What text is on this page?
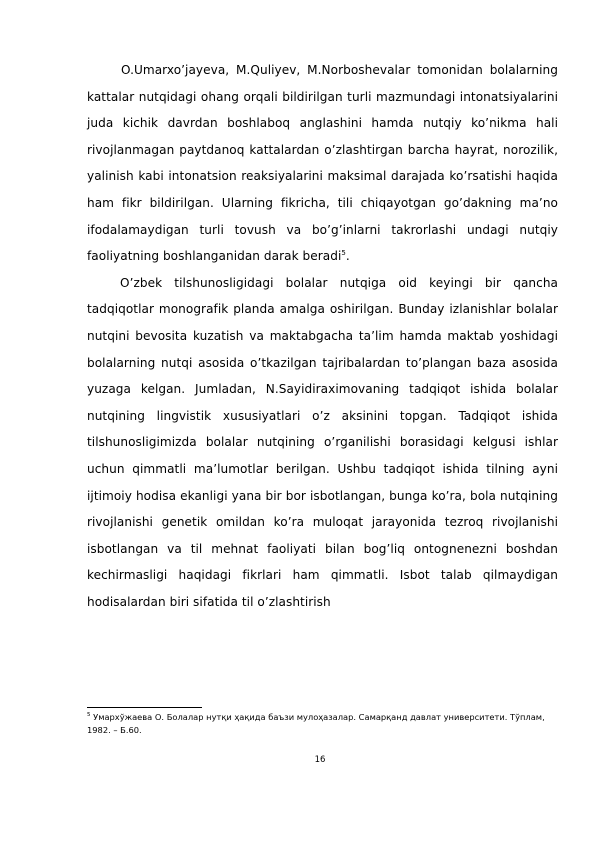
O.Umarxo’jayeva, M.Quliyev, M.Norboshevalar tomonidan bolalarning kattalar nutqidagi ohang orqali bildirilgan turli mazmundagi intonatsiyalarini juda kichik davrdan boshlaboq anglashini hamda nutqiy ko’nikma hali rivojlanmagan paytdanoq kattalardan o’zlashtirgan barcha hayrat, norozilik, yalinish kabi intonatsion reaksiyalarini maksimal darajada ko’rsatishi haqida ham fikr bildirilgan. Ularning fikricha, tili chiqayotgan go’dakning ma’no ifodalamaydigan turli tovush va bo’g’inlarni takrorlashi undagi nutqiy faoliyatning boshlanganidan darak beradi$^5$.

O’zbek tilshunosligidagi bolalar nutqiga oid keyingi bir qancha tadqiqotlar monografik planda amalga oshirilgan. Bunday izlanishlar bolalar nutqini bevosita kuzatish va maktabgacha ta’lim hamda maktab yoshidagi bolalarning nutqi asosida o’tkazilgan tajribalardan to’plangan baza asosida yuzaga kelgan. Jumladan, N.Sayidiraximovaning tadqiqot ishida bolalar nutqining lingvistik xususiyatlari o’z aksinini topgan. Tadqiqot ishida tilshunosligimizda bolalar nutqining o’rganilishi borasidagi kelgusi ishlar uchun qimmatli ma’lumotlar berilgan. Ushbu tadqiqot ishida tilning ayni ijtimoiy hodisa ekanligi yana bir bor isbotlangan, bunga ko’ra, bola nutqining rivojlanishi genetik omildan ko’ra muloqat jarayonida tezroq rivojlanishi isbotlangan va til mehnat faoliyati bilan bog’liq ontognenezni boshdan kechirmasligi haqidagi fikrlari ham qimmatli. Isbot talab qilmaydigan hodisalardan biri sifatida til o’zlashtirish

$^5$ Умархўжаева О. Болалар нутқи ҳақида баъзи мулоҳазалар. Самарқанд давлат университети. Тўплам,
1982. – Б.60.
16
